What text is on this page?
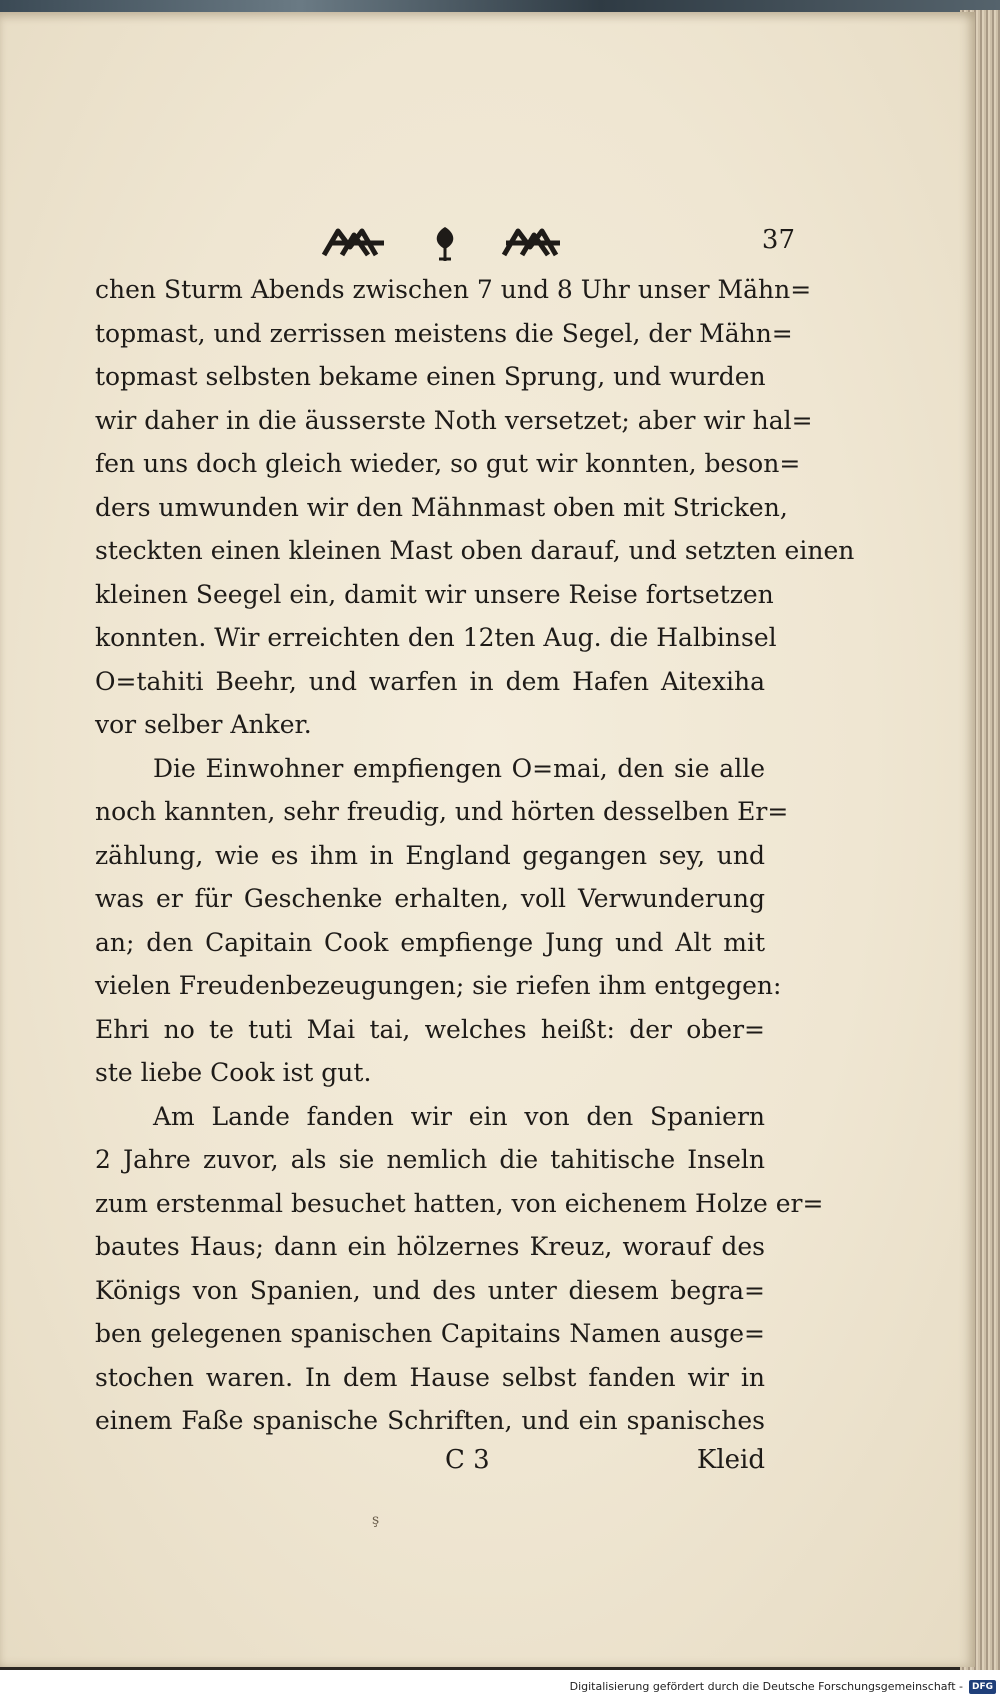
37
chen Sturm Abends zwischen 7 und 8 Uhr unser Mähn=
topmast, und zerrissen meistens die Segel, der Mähn=
topmast selbsten bekame einen Sprung, und wurden
wir daher in die äusserste Noth versetzet; aber wir hal=
fen uns doch gleich wieder, so gut wir konnten, beson=
ders umwunden wir den Mähnmast oben mit Stricken,
steckten einen kleinen Mast oben darauf, und setzten einen
kleinen Seegel ein, damit wir unsere Reise fortsetzen
konnten. Wir erreichten den 12ten Aug. die Halbinsel
O=tahiti Beehr, und warfen in dem Hafen Aitexiha
vor selber Anker.
Die Einwohner empfiengen O=mai, den sie alle
noch kannten, sehr freudig, und hörten desselben Er=
zählung, wie es ihm in England gegangen sey, und
was er für Geschenke erhalten, voll Verwunderung
an; den Capitain Cook empfienge Jung und Alt mit
vielen Freudenbezeugungen; sie riefen ihm entgegen:
Ehri no te tuti Mai tai, welches heißt: der ober=
ste liebe Cook ist gut.
Am Lande fanden wir ein von den Spaniern
2 Jahre zuvor, als sie nemlich die tahitische Inseln
zum erstenmal besuchet hatten, von eichenem Holze er=
bautes Haus; dann ein hölzernes Kreuz, worauf des
Königs von Spanien, und des unter diesem begra=
ben gelegenen spanischen Capitains Namen ausge=
stochen waren. In dem Hause selbst fanden wir in
einem Faße spanische Schriften, und ein spanisches
C 3	Kleid
ş
Digitalisierung gefördert durch die Deutsche Forschungsgemeinschaft -	DFG
